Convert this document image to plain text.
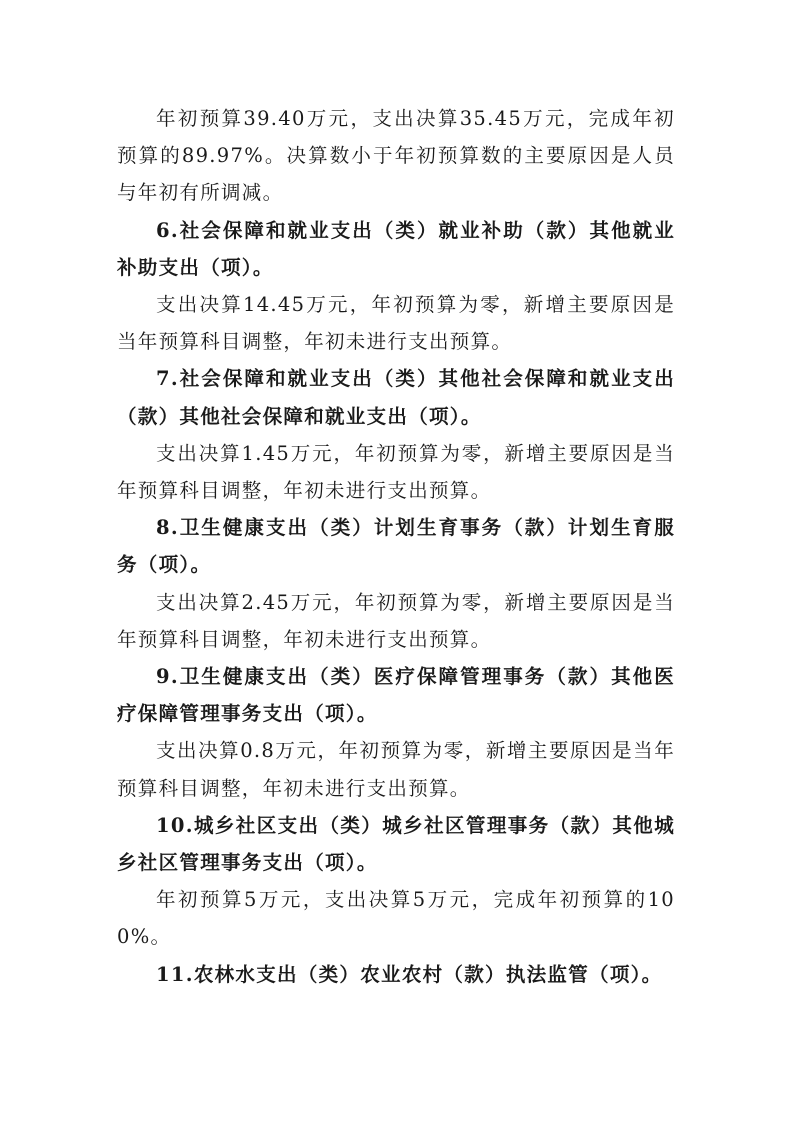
年初预算39.40万元，支出决算35.45万元，完成年初预算的89.97%。决算数小于年初预算数的主要原因是人员与年初有所调减。

6.社会保障和就业支出（类）就业补助（款）其他就业补助支出（项）。

支出决算14.45万元，年初预算为零，新增主要原因是当年预算科目调整，年初未进行支出预算。

7.社会保障和就业支出（类）其他社会保障和就业支出（款）其他社会保障和就业支出（项）。

支出决算1.45万元，年初预算为零，新增主要原因是当年预算科目调整，年初未进行支出预算。

8.卫生健康支出（类）计划生育事务（款）计划生育服务（项）。

支出决算2.45万元，年初预算为零，新增主要原因是当年预算科目调整，年初未进行支出预算。

9.卫生健康支出（类）医疗保障管理事务（款）其他医疗保障管理事务支出（项）。

支出决算0.8万元，年初预算为零，新增主要原因是当年预算科目调整，年初未进行支出预算。

10.城乡社区支出（类）城乡社区管理事务（款）其他城乡社区管理事务支出（项）。

年初预算5万元，支出决算5万元，完成年初预算的100%。

11.农林水支出（类）农业农村（款）执法监管（项）。
